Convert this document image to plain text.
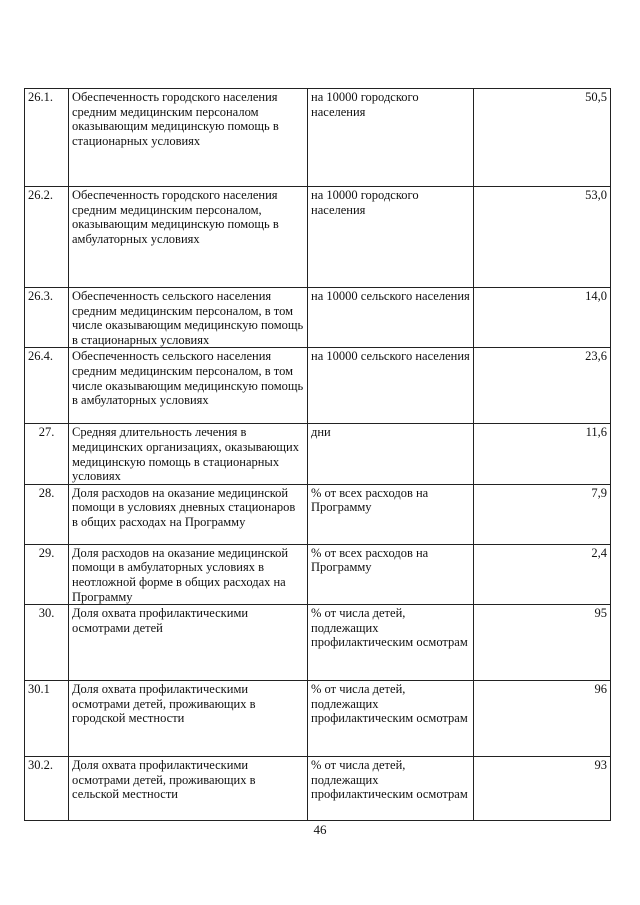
26.1.	Обеспеченность городского населения средним медицинским персоналом оказывающим медицинскую помощь в стационарных условиях	на 10000 городского населения	50,5
26.2.	Обеспеченность городского населения средним медицинским персоналом, оказывающим медицинскую помощь в амбулаторных условиях	на 10000 городского населения	53,0
26.3.	Обеспеченность сельского населения средним медицинским персоналом, в том числе оказывающим медицинскую помощь в стационарных условиях	на 10000 сельского населения	14,0
26.4.	Обеспеченность сельского населения средним медицинским персоналом, в том числе оказывающим медицинскую помощь в амбулаторных условиях	на 10000 сельского населения	23,6
27.	Средняя длительность лечения в медицинских организациях, оказывающих медицинскую помощь в стационарных условиях	дни	11,6
28.	Доля расходов на оказание медицинской помощи в условиях дневных стационаров в общих расходах на Программу	% от всех расходов на Программу	7,9
29.	Доля расходов на оказание медицинской помощи в амбулаторных условиях в неотложной форме в общих расходах на Программу	% от всех расходов на Программу	2,4
30.	Доля охвата профилактическими осмотрами детей	% от числа детей, подлежащих профилактическим осмотрам	95
30.1	Доля охвата профилактическими осмотрами детей, проживающих в городской местности	% от числа детей, подлежащих профилактическим осмотрам	96
30.2.	Доля охвата профилактическими осмотрами детей, проживающих в сельской местности	% от числа детей, подлежащих профилактическим осмотрам	93
46
